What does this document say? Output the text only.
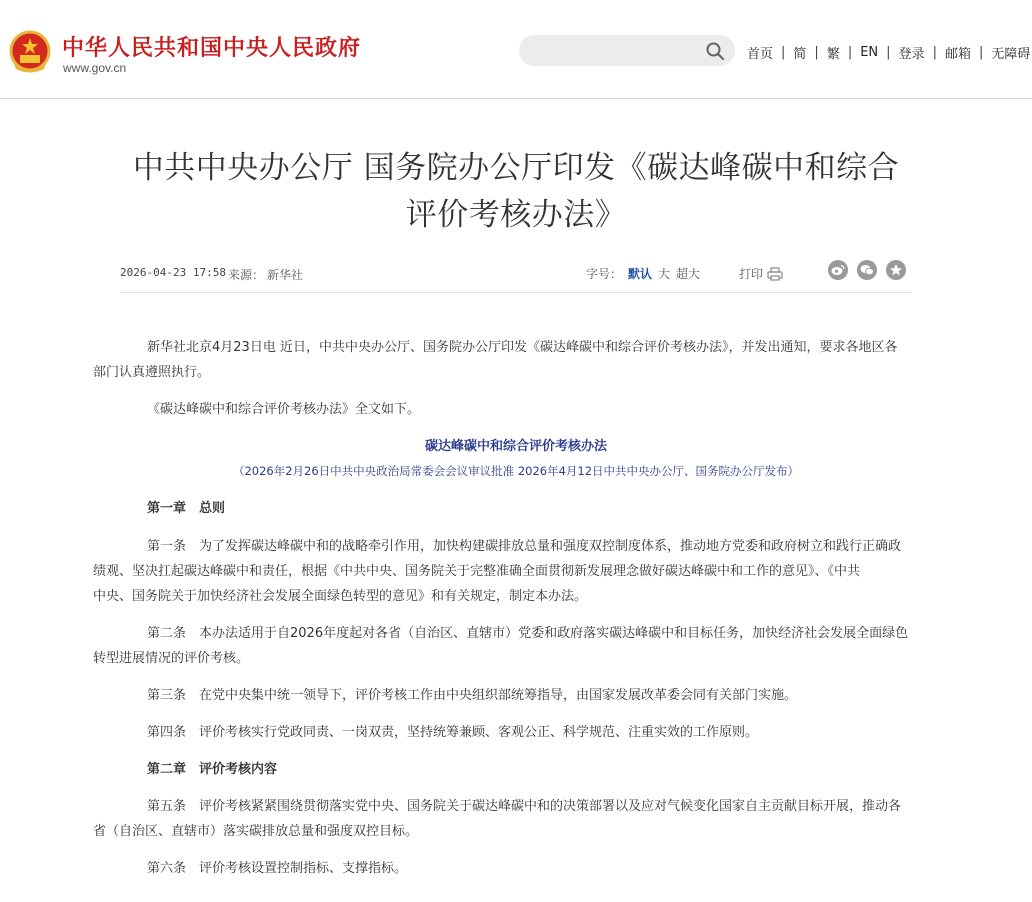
中华人民共和国中央人民政府
www.gov.cn
首页 | 简 | 繁 | EN | 登录 | 邮箱 | 无障碍
中共中央办公厅 国务院办公厅印发《碳达峰碳中和综合
评价考核办法》
2026-04-23 17:58 来源： 新华社	字号： 默认 大 超大	打印

新华社北京4月23日电 近日，中共中央办公厅、国务院办公厅印发《碳达峰碳中和综合评价考核办法》，并发出通知，要求各地区各
部门认真遵照执行。

《碳达峰碳中和综合评价考核办法》全文如下。

碳达峰碳中和综合评价考核办法
（2026年2月26日中共中央政治局常委会会议审议批准 2026年4月12日中共中央办公厅、国务院办公厅发布）

第一章　总则

第一条　为了发挥碳达峰碳中和的战略牵引作用，加快构建碳排放总量和强度双控制度体系，推动地方党委和政府树立和践行正确政
绩观、坚决扛起碳达峰碳中和责任，根据《中共中央、国务院关于完整准确全面贯彻新发展理念做好碳达峰碳中和工作的意见》、《中共
中央、国务院关于加快经济社会发展全面绿色转型的意见》和有关规定，制定本办法。

第二条　本办法适用于自2026年度起对各省（自治区、直辖市）党委和政府落实碳达峰碳中和目标任务，加快经济社会发展全面绿色
转型进展情况的评价考核。

第三条　在党中央集中统一领导下，评价考核工作由中央组织部统筹指导，由国家发展改革委会同有关部门实施。

第四条　评价考核实行党政同责、一岗双责，坚持统筹兼顾、客观公正、科学规范、注重实效的工作原则。

第二章　评价考核内容

第五条　评价考核紧紧围绕贯彻落实党中央、国务院关于碳达峰碳中和的决策部署以及应对气候变化国家自主贡献目标开展，推动各
省（自治区、直辖市）落实碳排放总量和强度双控目标。

第六条　评价考核设置控制指标、支撑指标。
